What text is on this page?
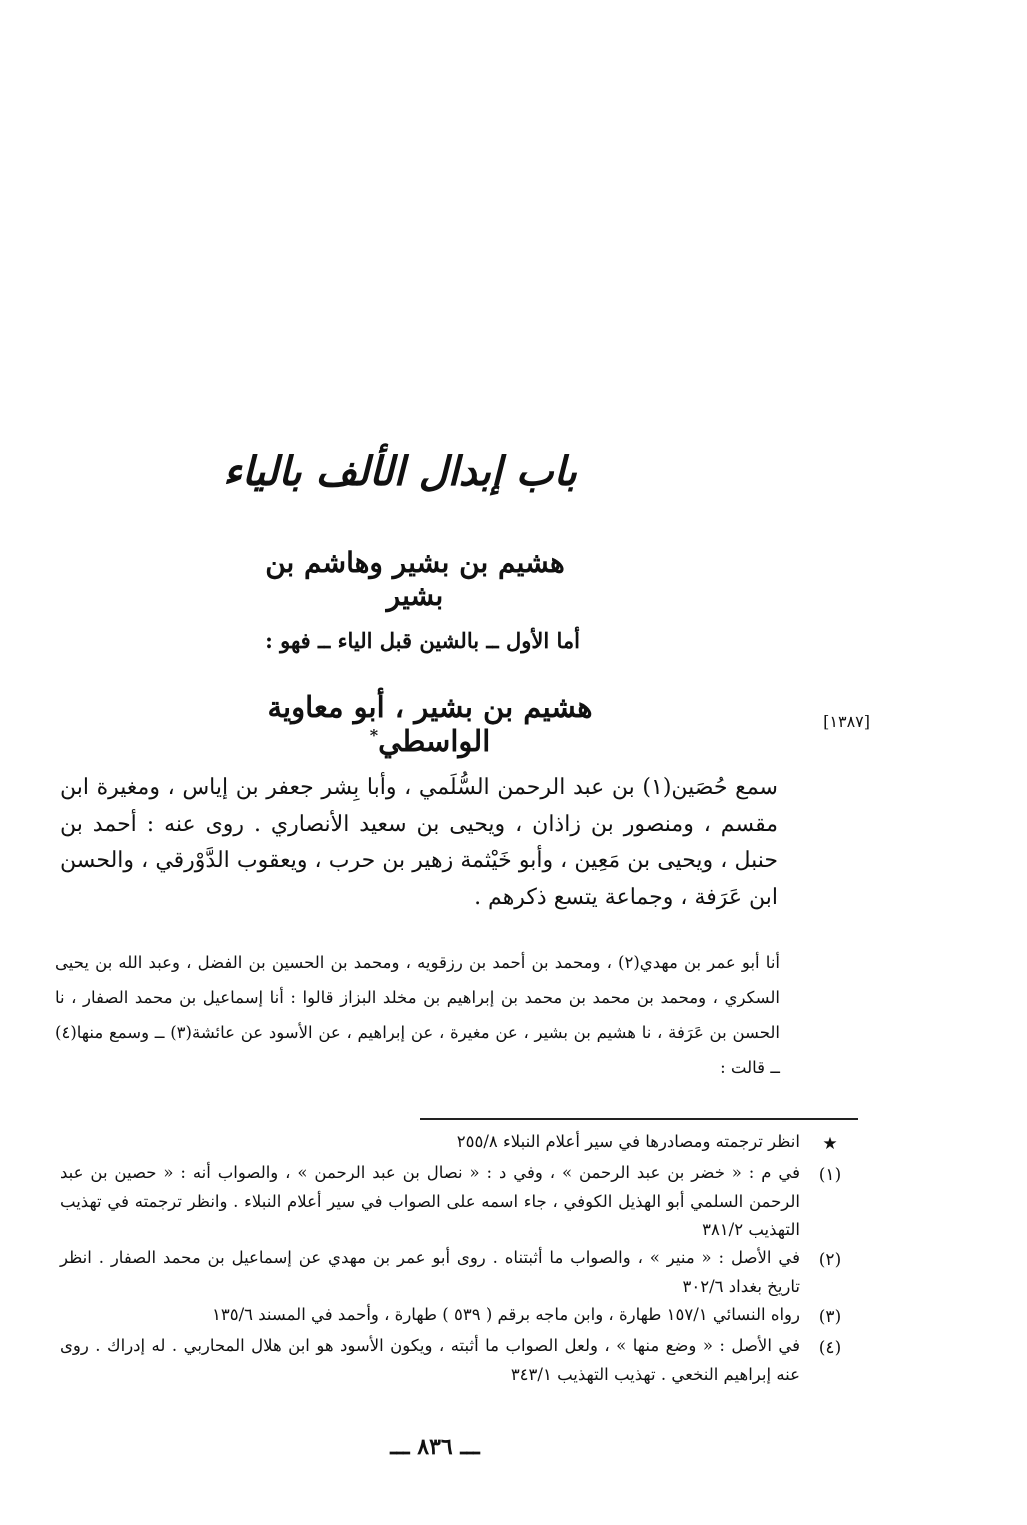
باب إبدال الألف بالياء
هشيم بن بشير وهاشم بن بشير
أما الأول ــ بالشين قبل الياء ــ فهو :
[١٣٨٧]
هشيم بن بشير ، أبو معاوية الواسطي*

سمع حُصَين(١) بن عبد الرحمن السُّلَمي ، وأبا بِشر جعفر بن إياس ، ومغيرة ابن مقسم ، ومنصور بن زاذان ، ويحيى بن سعيد الأنصاري . روى عنه : أحمد بن حنبل ، ويحيى بن مَعِين ، وأبو خَيْثمة زهير بن حرب ، ويعقوب الدَّوْرقي ، والحسن ابن عَرَفة ، وجماعة يتسع ذكرهم .

أنا أبو عمر بن مهدي(٢) ، ومحمد بن أحمد بن رزقويه ، ومحمد بن الحسين بن الفضل ، وعبد الله بن يحيى السكري ، ومحمد بن محمد بن محمد بن إبراهيم بن مخلد البزاز قالوا : أنا إسماعيل بن محمد الصفار ، نا الحسن بن عَرَفة ، نا هشيم بن بشير ، عن مغيرة ، عن إبراهيم ، عن الأسود عن عائشة(٣) ــ وسمع منها(٤) ــ قالت :

★
انظر ترجمته ومصادرها في سير أعلام النبلاء ٢٥٥/٨
(١)
في م : « خضر بن عبد الرحمن » ، وفي د : « نصال بن عبد الرحمن » ، والصواب أنه : « حصين بن عبد الرحمن السلمي أبو الهذيل الكوفي ، جاء اسمه على الصواب في سير أعلام النبلاء . وانظر ترجمته في تهذيب التهذيب ٣٨١/٢
(٢)
في الأصل : « منير » ، والصواب ما أثبتناه . روى أبو عمر بن مهدي عن إسماعيل بن محمد الصفار . انظر تاريخ بغداد ٣٠٢/٦
(٣)
رواه النسائي ١٥٧/١ طهارة ، وابن ماجه برقم ( ٥٣٩ ) طهارة ، وأحمد في المسند ١٣٥/٦
(٤)
في الأصل : « وضع منها » ، ولعل الصواب ما أثبته ، ويكون الأسود هو ابن هلال المحاربي . له إدراك . روى عنه إبراهيم النخعي . تهذيب التهذيب ٣٤٣/١
ـــ ٨٣٦ ـــ
